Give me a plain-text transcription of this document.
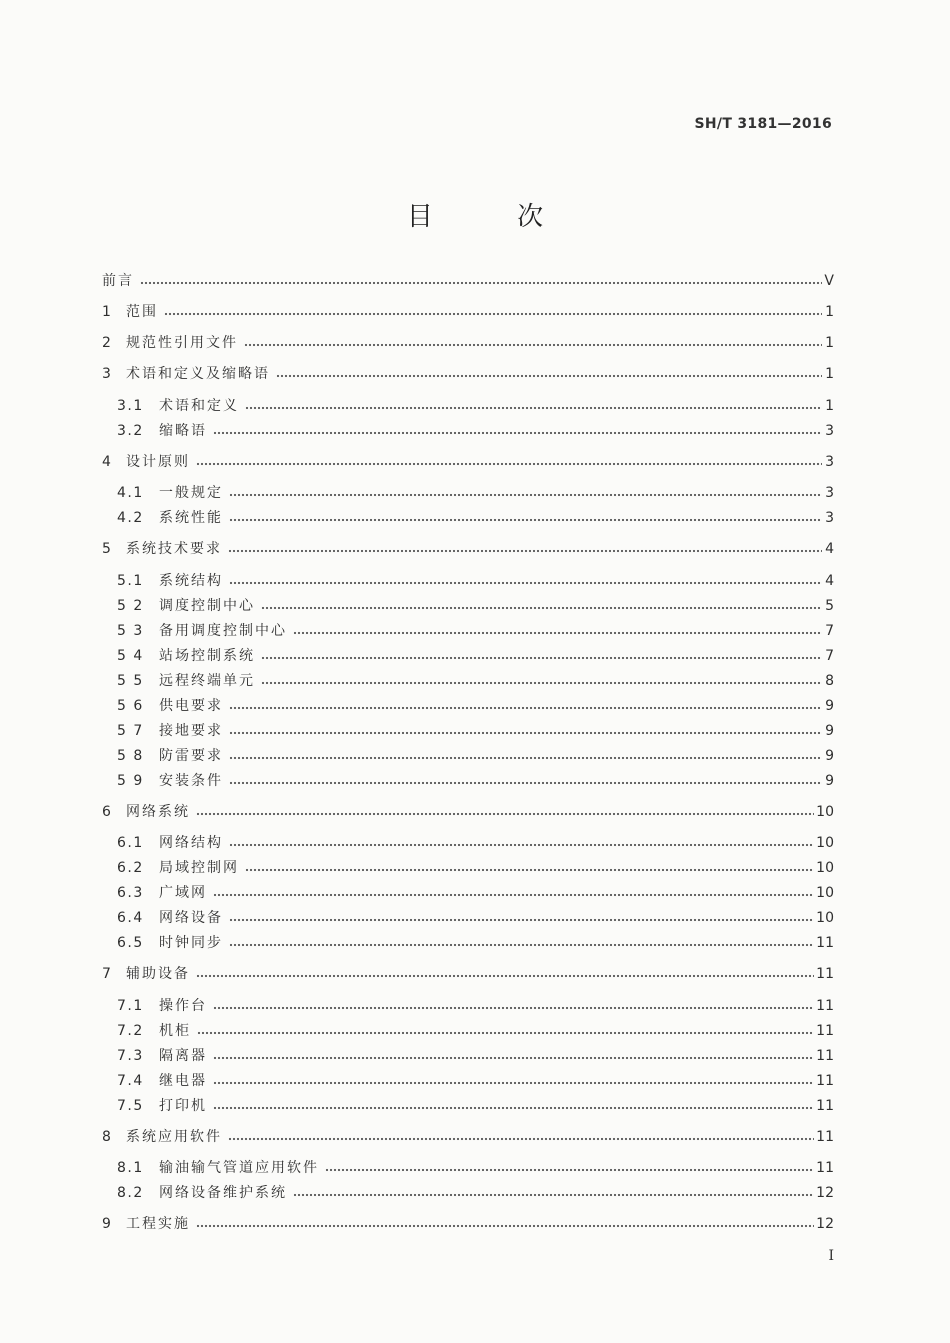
SH/T 3181—2016
目 次
前言	V
1 范围	1
2 规范性引用文件	1
3 术语和定义及缩略语	1
3.1	术语和定义	1
3.2	缩略语	3
4 设计原则	3
4.1	一般规定	3
4.2	系统性能	3
5 系统技术要求	4
5.1	系统结构	4
5 2	调度控制中心	5
5 3	备用调度控制中心	7
5 4	站场控制系统	7
5 5	远程终端单元	8
5 6	供电要求	9
5 7	接地要求	9
5 8	防雷要求	9
5 9	安装条件	9
6 网络系统	10
6.1	网络结构	10
6.2	局域控制网	10
6.3	广域网	10
6.4	网络设备	10
6.5	时钟同步	11
7 辅助设备	11
7.1	操作台	11
7.2	机柜	11
7.3	隔离器	11
7.4	继电器	11
7.5	打印机	11
8 系统应用软件	11
8.1	输油输气管道应用软件	11
8.2	网络设备维护系统	12
9 工程实施	12
I
